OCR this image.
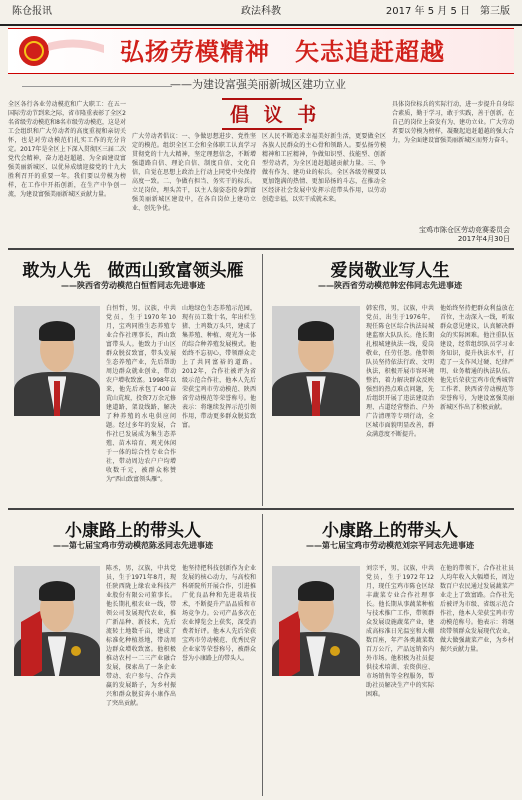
陈仓报讯	政法科教	2017 年 5 月 5 日　第三版
弘扬劳模精神　矢志追赶超越
——为建设富强美丽新城区建功立业
倡 议 书

全区各行各业劳动模范和广大职工：在五一国际劳动节到来之际，省市隆重表彰了全区2名省级劳动模范和8名市级劳动模范，这是对工会组织和广大劳动者的高度重视和亲切关怀，也是对劳动模范们扎实工作的充分肯定。2017年是全区上下深入贯彻区三届二次党代会精神，奋力追赶超越、为全面建设富强美丽新城区、以优异成绩迎接党的十九大胜利召开的重要一年。我们要以劳模为榜样，在工作中开拓创新，在生产中争创一流，为建设富强美丽新城区贡献力量。

广大劳动者倡议：一、争做思想进步、党性坚定的模范。组织全区工会和全体职工认真学习贯彻党的十九大精神，坚定理想信念，不断增强道路自信、理论自信、制度自信、文化自信，自觉在思想上政治上行动上同党中央保持高度一致。二、争做有担当、务实干的标兵。立足岗位，埋头苦干，以主人翁姿态投身到富强美丽新城区建设中，在各自岗位上建功立业、创先争优。

区人民不断追求幸福美好新生活，更要做全区各族人民群众的主心骨和领路人。要弘扬劳模精神和工匠精神，争做知识型、技能型、创新型劳动者，为全区追赶超越贡献力量。三、争做有作为、建功业的标兵。全区各级劳模要以更加饱满的热情、更加昂扬的斗志，在推动全区经济社会发展中发挥示范带头作用，以劳动创造幸福，以实干成就未来。

具体岗位标兵的实际行动，进一步提升自身综合素质，勤于学习，敢于实践，善于创新，在自己的岗位上奋发有为、建功立业。广大劳动者要以劳模为榜样，凝聚起追赶超越的强大合力，为全面建设富强美丽新城区而努力奋斗。

宝鸡市陈仓区劳动竞赛委员会
2017年4月30日
敢为人先　做西山致富领头雁
——陕西省劳动模范白恒哲同志先进事迹

白恒哲，男，汉族，中共党员，生于1970年10月，宝鸡同胜生态养殖专业合作社理事长，西山致富带头人。他致力于山区群众脱贫致富，带头发展生态养殖产业，先后帮助周边群众就业创业，带动农户增收致富。1998年以来，他先后承包了400亩荒山荒坡，投资7万余元修建道路，架设线路，解决了种养殖的水电供应问题。经过多年的发展，合作社已发展成为集生态养殖、苗木培育、观光休闲于一体的综合性专业合作社，带动周边农户户均增收数千元，被群众称赞为“西山致富领头雁”。

山地绿色生态养殖示范园，现有员工数十名，年出栏生猪、土鸡数万头只，建成了集养殖、种植、观光为一体的综合种养殖发展模式。他始终不忘初心，带领群众走上了共同富裕的道路。2012年，合作社被评为省级示范合作社，他本人先后荣获宝鸡市劳动模范、陕西省劳动模范等荣誉称号。他表示：将继续发挥示范引领作用，带动更多群众脱贫致富。

爱岗敬业写人生
——陕西省劳动模范韩宏伟同志先进事迹

韩宏伟，男，汉族，中共党员，出生于1976年，现任陈仓区综合执法局城建监察大队队长。他长期扎根城建执法一线，爱岗敬业，任劳任怨。他带领队员坚持依法行政、文明执法，积极开展市容环境整治，着力解决群众反映强烈的热点难点问题，先后组织开展了违法建设治理、占道经营整治、户外广告清理等专项行动，全区城市面貌明显改善，群众满意度不断提升。

他始终坚持把群众利益放在首位，主动深入一线，听取群众意见建议，认真解决群众的实际困难。他注重队伍建设，经常组织队员学习业务知识，提升执法水平，打造了一支作风过硬、纪律严明、业务精通的执法队伍。他先后荣获宝鸡市优秀城管工作者、陕西省劳动模范等荣誉称号，为建设富强美丽新城区作出了积极贡献。

小康路上的带头人
——第七届宝鸡市劳动模范陈丞同志先进事迹

陈丞，男，汉族，中共党员，生于1971年8月，现任陕西陇上缘农业科技产业股份有限公司董事长。他长期扎根农业一线，带领公司发展现代农业，推广新品种、新技术，先后流转土地数千亩，建成了标准化种植基地，带动周边群众增收致富。他积极推动农村一二三产业融合发展，探索出了一条企业带动、农户参与、合作共赢的发展路子，为乡村振兴和群众脱贫奔小康作出了突出贡献。

他坚持把科技创新作为企业发展的核心动力，与高校和科研院所开展合作，引进推广优良品种和先进栽培技术，不断提升产品品质和市场竞争力。公司产品多次在农业博览会上获奖，深受消费者好评。他本人先后荣获宝鸡市劳动模范、优秀民营企业家等荣誉称号，被群众誉为小康路上的带头人。

小康路上的带头人
——第七届宝鸡市劳动模范刘宗平同志先进事迹

刘宗平，男，汉族，中共党员，生于1972年12月，现任宝鸡市陈仓区绿丰蔬菜专业合作社理事长。他长期从事蔬菜种植与技术推广工作，带领群众发展设施蔬菜产业，建成高标准日光温室和大棚数百座，年产各类蔬菜数百万公斤，产品远销省内外市场。他积极为社员提供技术培训、农资供应、市场销售等全程服务，帮助社员解决生产中的实际困难。

在他的带领下，合作社社员人均年收入大幅增长，周边数百户农民通过发展蔬菜产业走上了致富路。合作社先后被评为市级、省级示范合作社，他本人荣获宝鸡市劳动模范称号。他表示：将继续带领群众发展现代农业，做大做强蔬菜产业，为乡村振兴贡献力量。
